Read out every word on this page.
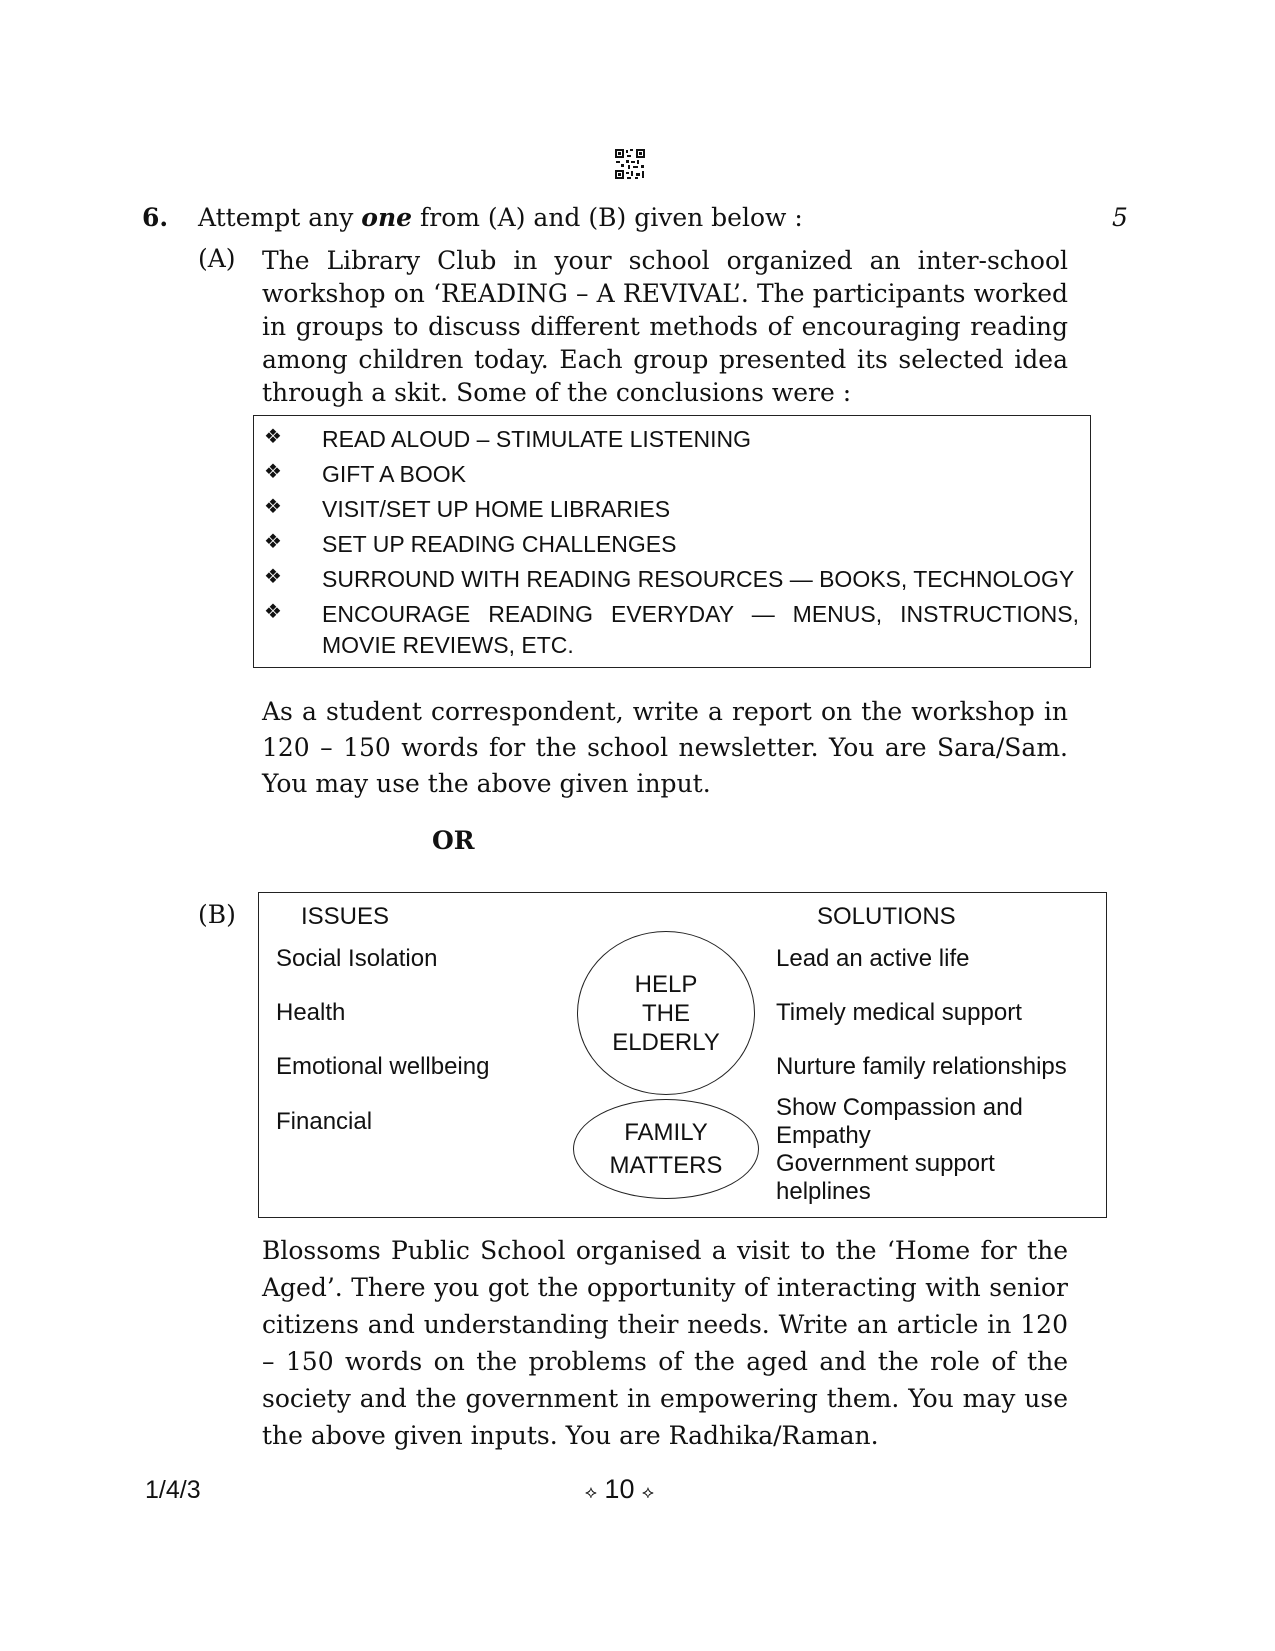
6. Attempt any one from (A) and (B) given below :	5
(A) The Library Club in your school organized an inter-school workshop on ‘READING – A REVIVAL’. The participants worked in groups to discuss different methods of encouraging reading among children today. Each group presented its selected idea through a skit. Some of the conclusions were :
❖ READ ALOUD – STIMULATE LISTENING
❖ GIFT A BOOK
❖ VISIT/SET UP HOME LIBRARIES
❖ SET UP READING CHALLENGES
❖ SURROUND WITH READING RESOURCES — BOOKS, TECHNOLOGY
❖ ENCOURAGE READING EVERYDAY — MENUS, INSTRUCTIONS, MOVIE REVIEWS, ETC.
As a student correspondent, write a report on the workshop in 120 – 150 words for the school newsletter. You are Sara/Sam. You may use the above given input.
OR
(B)	ISSUES	SOLUTIONS
Social Isolation
Health
Emotional wellbeing
Financial
HELP
THE
ELDERLY
FAMILY
MATTERS
Lead an active life
Timely medical support
Nurture family relationships
Show Compassion and Empathy
Government support helplines
Blossoms Public School organised a visit to the ‘Home for the Aged’. There you got the opportunity of interacting with senior citizens and understanding their needs. Write an article in 120 – 150 words on the problems of the aged and the role of the society and the government in empowering them. You may use the above given inputs. You are Radhika/Raman.
1/4/3	⟡ 10 ⟡
